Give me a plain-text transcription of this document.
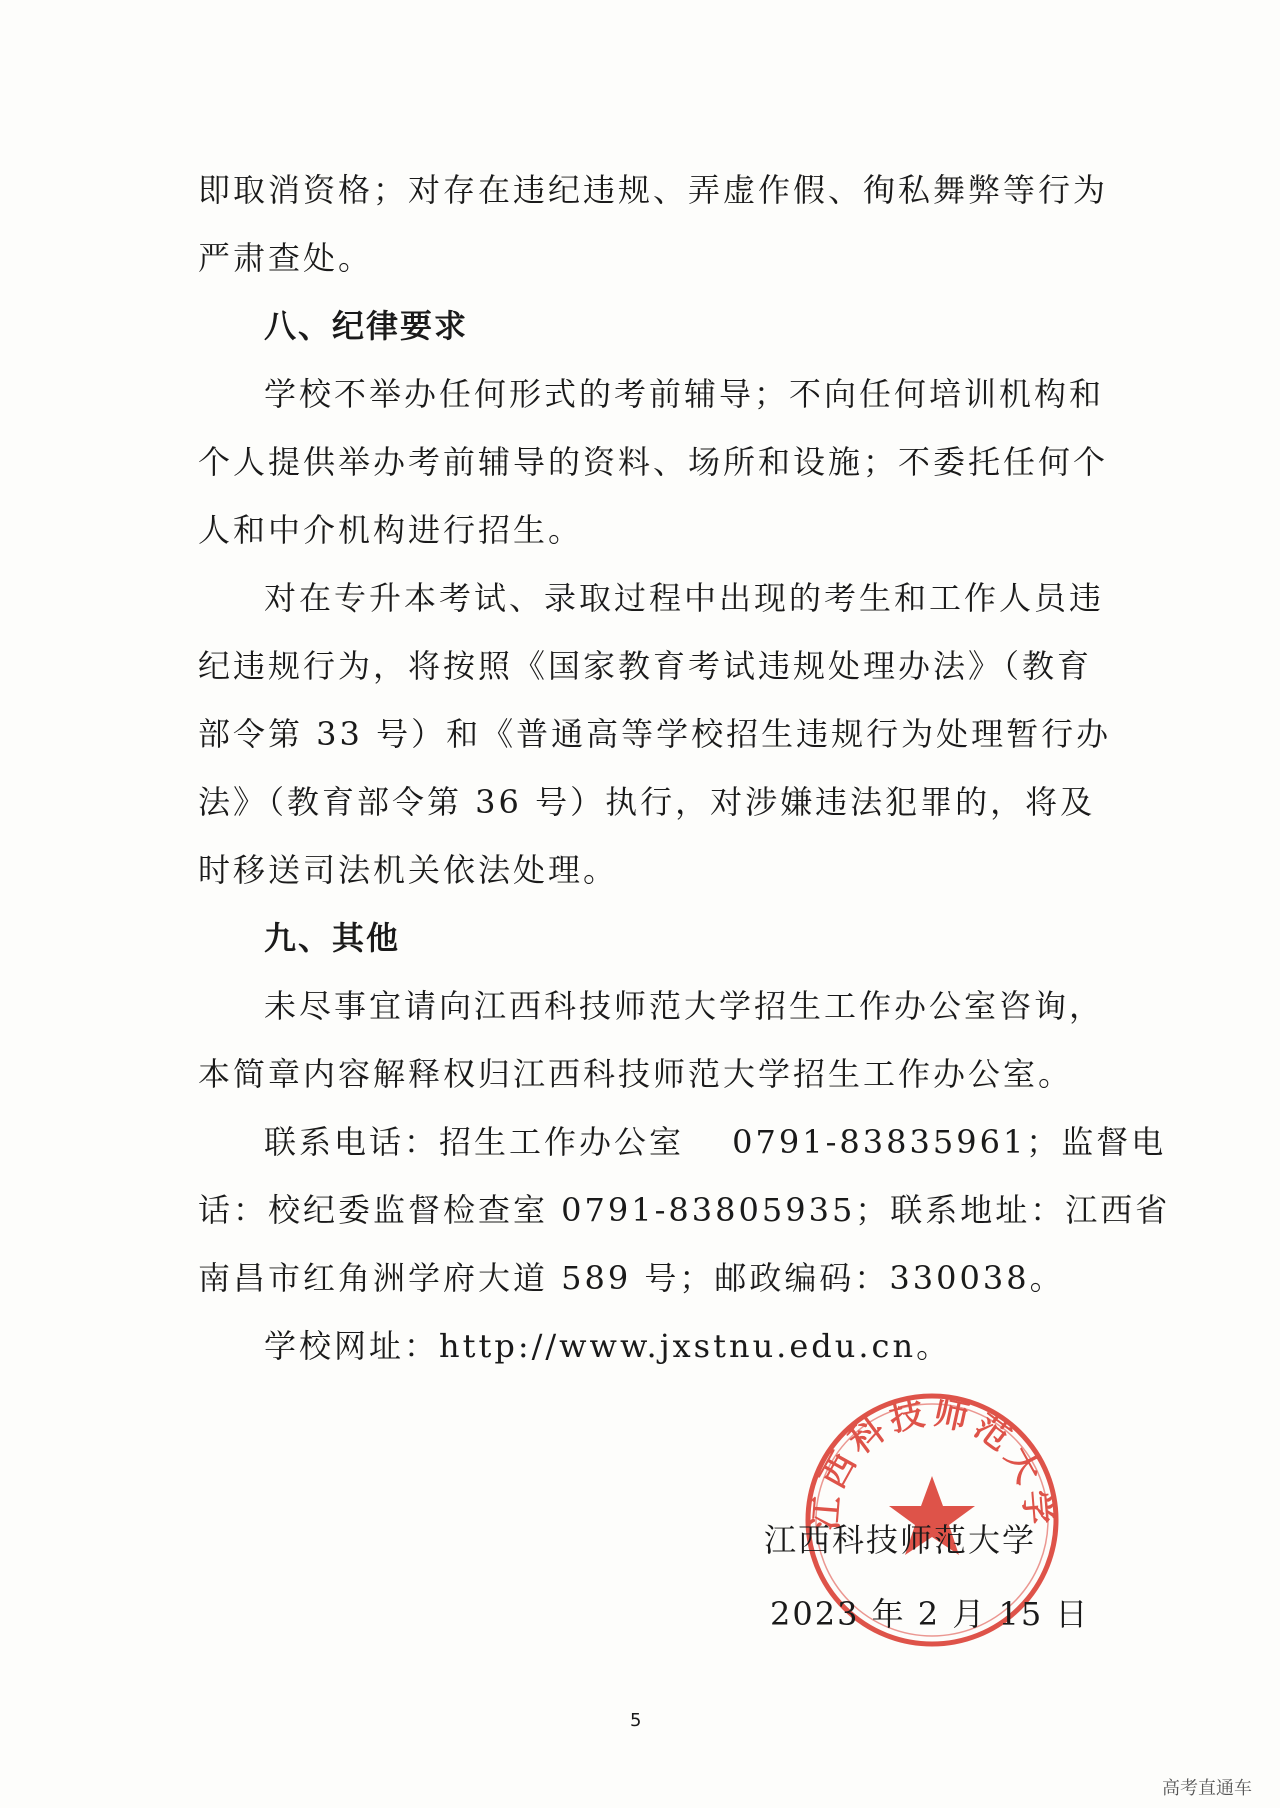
即取消资格；对存在违纪违规、弄虚作假、徇私舞弊等行为
严肃查处。
八、纪律要求
学校不举办任何形式的考前辅导；不向任何培训机构和
个人提供举办考前辅导的资料、场所和设施；不委托任何个
人和中介机构进行招生。
对在专升本考试、录取过程中出现的考生和工作人员违
纪违规行为，将按照《国家教育考试违规处理办法》（教育
部令第 33 号）和《普通高等学校招生违规行为处理暂行办
法》（教育部令第 36 号）执行，对涉嫌违法犯罪的，将及
时移送司法机关依法处理。
九、其他
未尽事宜请向江西科技师范大学招生工作办公室咨询，
本简章内容解释权归江西科技师范大学招生工作办公室。
联系电话：招生工作办公室　 0791-83835961；监督电
话：校纪委监督检查室 0791-83805935；联系地址：江西省
南昌市红角洲学府大道 589 号；邮政编码：330038。
学校网址：http://www.jxstnu.edu.cn。
江西科技师范大学
江西科技师范大学
2023 年 2 月 15 日
5
高考直通车
